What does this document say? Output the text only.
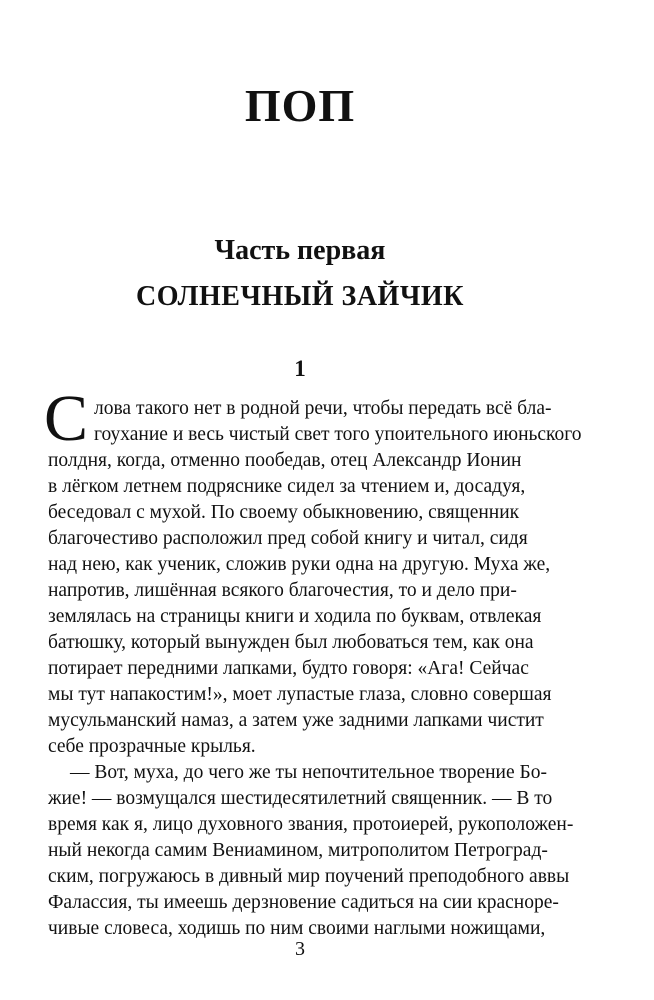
ПОП
Часть первая
СОЛНЕЧНЫЙ ЗАЙЧИК
1
С лова такого нет в родной речи, чтобы передать всё бла-
гоухание и весь чистый свет того упоительного июньского
полдня, когда, отменно пообедав, отец Александр Ионин
в лёгком летнем подряснике сидел за чтением и, досадуя,
беседовал с мухой. По своему обыкновению, священник
благочестиво расположил пред собой книгу и читал, сидя
над нею, как ученик, сложив руки одна на другую. Муха же,
напротив, лишённая всякого благочестия, то и дело при-
землялась на страницы книги и ходила по буквам, отвлекая
батюшку, который вынужден был любоваться тем, как она
потирает передними лапками, будто говоря: «Ага! Сейчас
мы тут напакостим!», моет лупастые глаза, словно совершая
мусульманский намаз, а затем уже задними лапками чистит
себе прозрачные крылья.
— Вот, муха, до чего же ты непочтительное творение Бо-
жие! — возмущался шестидесятилетний священник. — В то
время как я, лицо духовного звания, протоиерей, рукоположен-
ный некогда самим Вениамином, митрополитом Петроград-
ским, погружаюсь в дивный мир поучений преподобного аввы
Фалассия, ты имеешь дерзновение садиться на сии красноре-
чивые словеса, ходишь по ним своими наглыми ножищами,
3
